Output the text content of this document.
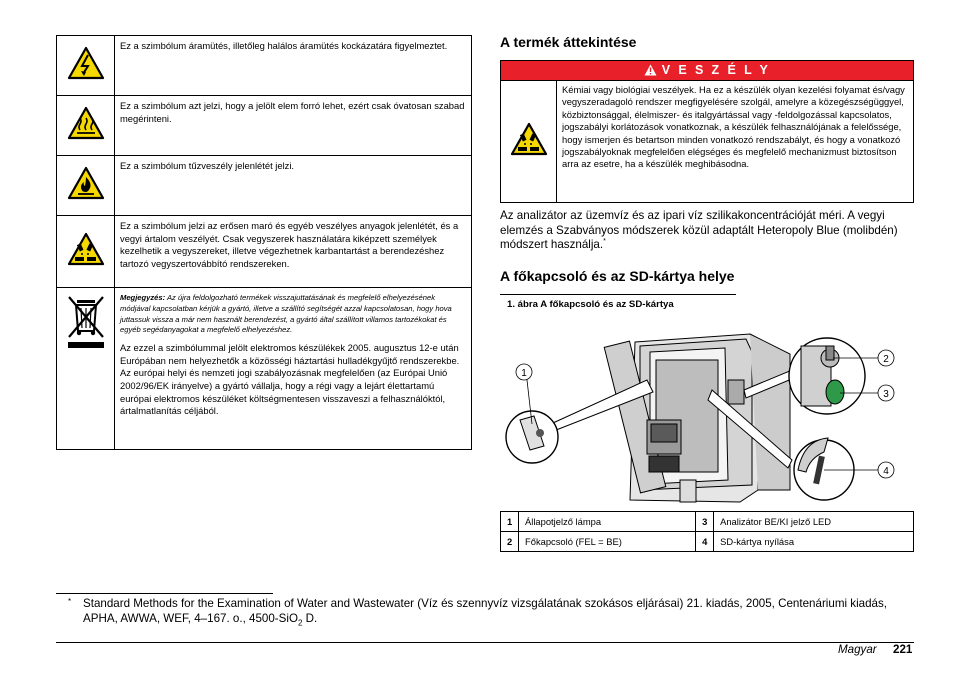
	Ez a szimbólum áramütés, illetőleg halálos áramütés kockázatára figyelmeztet.
	Ez a szimbólum azt jelzi, hogy a jelölt elem forró lehet, ezért csak óvatosan szabad megérinteni.
	Ez a szimbólum tűzveszély jelenlétét jelzi.
	Ez a szimbólum jelzi az erősen maró és egyéb veszélyes anyagok jelenlétét, és a vegyi ártalom veszélyét. Csak vegyszerek használatára kiképzett személyek kezelhetik a vegyszereket, illetve végezhetnek karbantartást a berendezéshez tartozó vegyszertovábbító rendszereken.

Megjegyzés: Az újra feldolgozható termékek visszajuttatásának és megfelelő elhelyezésének módjával kapcsolatban kérjük a gyártó, illetve a szállító segítségét azzal kapcsolatosan, hogy hova juttassuk vissza a már nem használt berendezést, a gyártó által szállított villamos tartozékokat és egyéb segédanyagokat a megfelelő elhelyezéshez.
Az ezzel a szimbólummal jelölt elektromos készülékek 2005. augusztus 12-e után Európában nem helyezhetők a közösségi háztartási hulladékgyűjtő rendszerekbe. Az európai helyi és nemzeti jogi szabályozásnak megfelelően (az Európai Unió 2002/96/EK irányelve) a gyártó vállalja, hogy a régi vagy a lejárt élettartamú európai elektromos készüléket költségmentesen visszaveszi a felhasználóktól, ártalmatlanítás céljából.
A termék áttekintése
V E S Z É L Y
	Kémiai vagy biológiai veszélyek. Ha ez a készülék olyan kezelési folyamat és/vagy vegyszeradagoló rendszer megfigyelésére szolgál, amelyre a közegészségüggyel, közbiztonsággal, élelmiszer- és italgyártással vagy -feldolgozással kapcsolatos, jogszabályi korlátozások vonatkoznak, a készülék felhasználójának a felelőssége, hogy ismerjen és betartson minden vonatkozó rendszabályt, és hogy a vonatkozó jogszabályoknak megfelelően elégséges és megfelelő mechanizmust biztosítson arra az esetre, ha a készülék meghibásodna.
Az analizátor az üzemvíz és az ipari víz szilikakoncentrációját méri. A vegyi elemzés a Szabványos módszerek közül adaptált Heteropoly Blue (molibdén) módszert használja.*
A főkapcsoló és az SD-kártya helye
1. ábra A főkapcsoló és az SD-kártya
1
2
3
4
1	Állapotjelző lámpa	3	Analizátor BE/KI jelző LED
2	Főkapcsoló (FEL = BE)	4	SD-kártya nyílása
* Standard Methods for the Examination of Water and Wastewater (Víz és szennyvíz vizsgálatának szokásos eljárásai) 21. kiadás, 2005, Centenáriumi kiadás, APHA, AWWA, WEF, 4–167. o., 4500-SiO$_2$ D.
Magyar 221
